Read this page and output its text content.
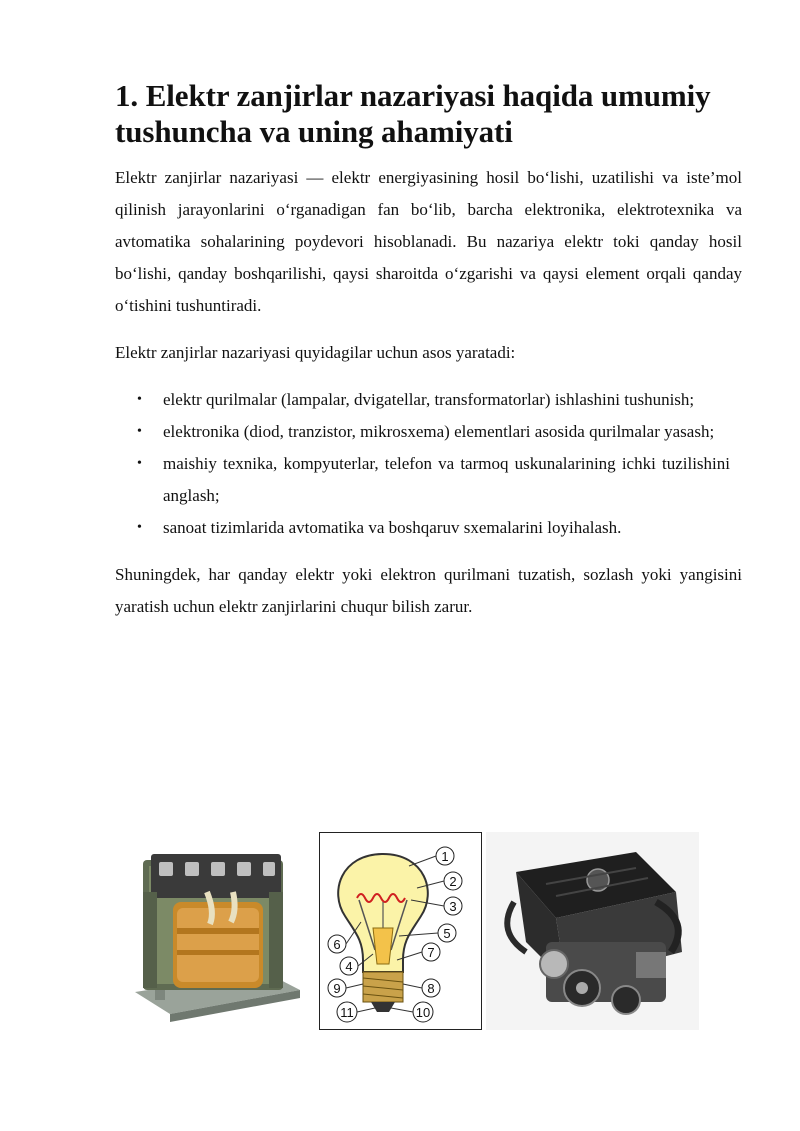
1. Elektr zanjirlar nazariyasi haqida umumiy tushuncha va uning ahamiyati

Elektr zanjirlar nazariyasi — elektr energiyasining hosil bo‘lishi, uzatilishi va iste’mol qilinish jarayonlarini o‘rganadigan fan bo‘lib, barcha elektronika, elektrotexnika va avtomatika sohalarining poydevori hisoblanadi. Bu nazariya elektr toki qanday hosil bo‘lishi, qanday boshqarilishi, qaysi sharoitda o‘zgarishi va qaysi element orqali qanday o‘tishini tushuntiradi.

Elektr zanjirlar nazariyasi quyidagilar uchun asos yaratadi:

• elektr qurilmalar (lampalar, dvigatellar, transformatorlar) ishlashini tushunish;
• elektronika (diod, tranzistor, mikrosxema) elementlari asosida qurilmalar yasash;
• maishiy texnika, kompyuterlar, telefon va tarmoq uskunalarining ichki tuzilishini anglash;
• sanoat tizimlarida avtomatika va boshqaruv sxemalarini loyihalash.

Shuningdek, har qanday elektr yoki elektron qurilmani tuzatish, sozlash yoki yangisini yaratish uchun elektr zanjirlarini chuqur bilish zarur.

1
2
3
4
5
6
7
8
9
10
11
